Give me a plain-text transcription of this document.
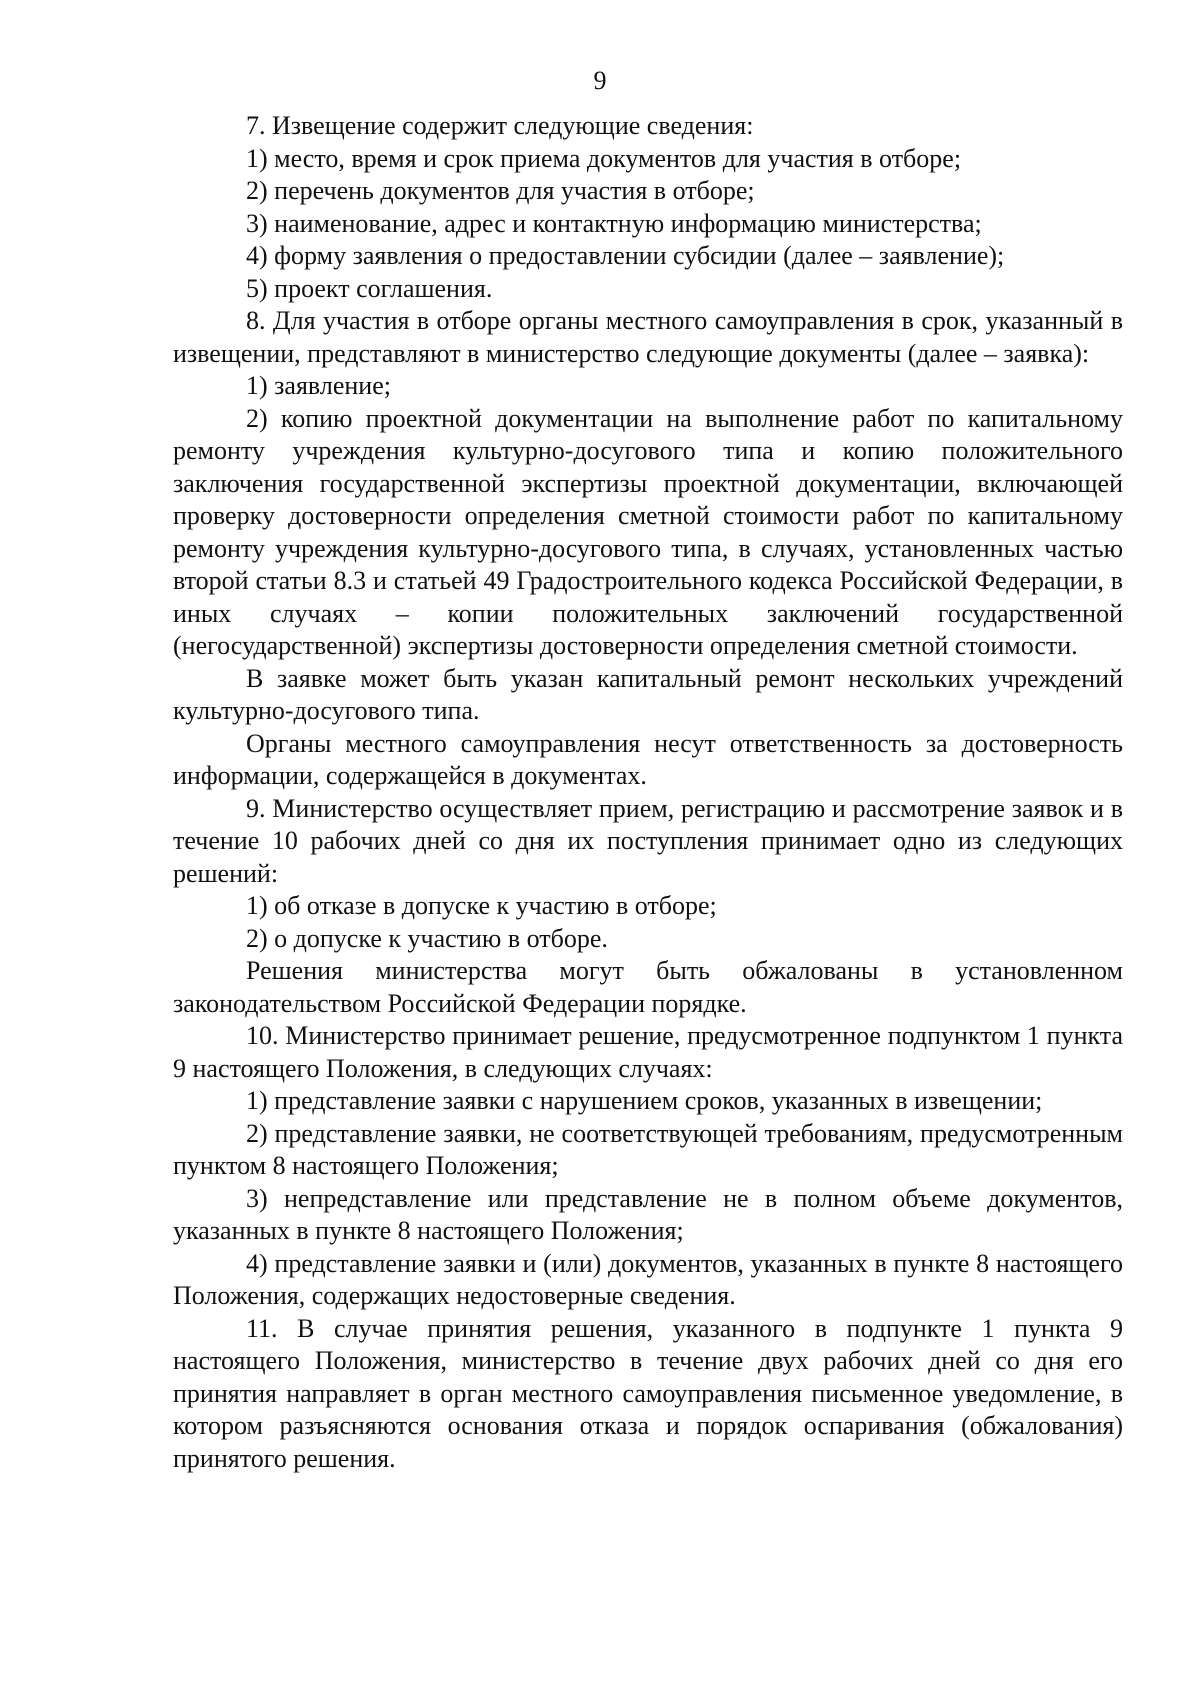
9

7. Извещение содержит следующие сведения:

1) место, время и срок приема документов для участия в отборе;

2) перечень документов для участия в отборе;

3) наименование, адрес и контактную информацию министерства;

4) форму заявления о предоставлении субсидии (далее – заявление);

5) проект соглашения.

8. Для участия в отборе органы местного самоуправления в срок, указанный в извещении, представляют в министерство следующие документы (далее – заявка):

1) заявление;

2) копию проектной документации на выполнение работ по капитальному ремонту учреждения культурно-досугового типа и копию положительного заключения государственной экспертизы проектной документации, включающей проверку достоверности определения сметной стоимости работ по капитальному ремонту учреждения культурно-досугового типа, в случаях, установленных частью второй статьи 8.3 и статьей 49 Градостроительного кодекса Российской Федерации, в иных случаях – копии положительных заключений государственной (негосударственной) экспертизы достоверности определения сметной стоимости.

В заявке может быть указан капитальный ремонт нескольких учреждений культурно-досугового типа.

Органы местного самоуправления несут ответственность за достоверность информации, содержащейся в документах.

9. Министерство осуществляет прием, регистрацию и рассмотрение заявок и в течение 10 рабочих дней со дня их поступления принимает одно из следующих решений:

1) об отказе в допуске к участию в отборе;

2) о допуске к участию в отборе.

Решения министерства могут быть обжалованы в установленном законодательством Российской Федерации порядке.

10. Министерство принимает решение, предусмотренное подпунктом 1 пункта 9 настоящего Положения, в следующих случаях:

1) представление заявки с нарушением сроков, указанных в извещении;

2) представление заявки, не соответствующей требованиям, предусмотренным пунктом 8 настоящего Положения;

3) непредставление или представление не в полном объеме документов, указанных в пункте 8 настоящего Положения;

4) представление заявки и (или) документов, указанных в пункте 8 настоящего Положения, содержащих недостоверные сведения.

11. В случае принятия решения, указанного в подпункте 1 пункта 9 настоящего Положения, министерство в течение двух рабочих дней со дня его принятия направляет в орган местного самоуправления письменное уведомление, в котором разъясняются основания отказа и порядок оспаривания (обжалования) принятого решения.
